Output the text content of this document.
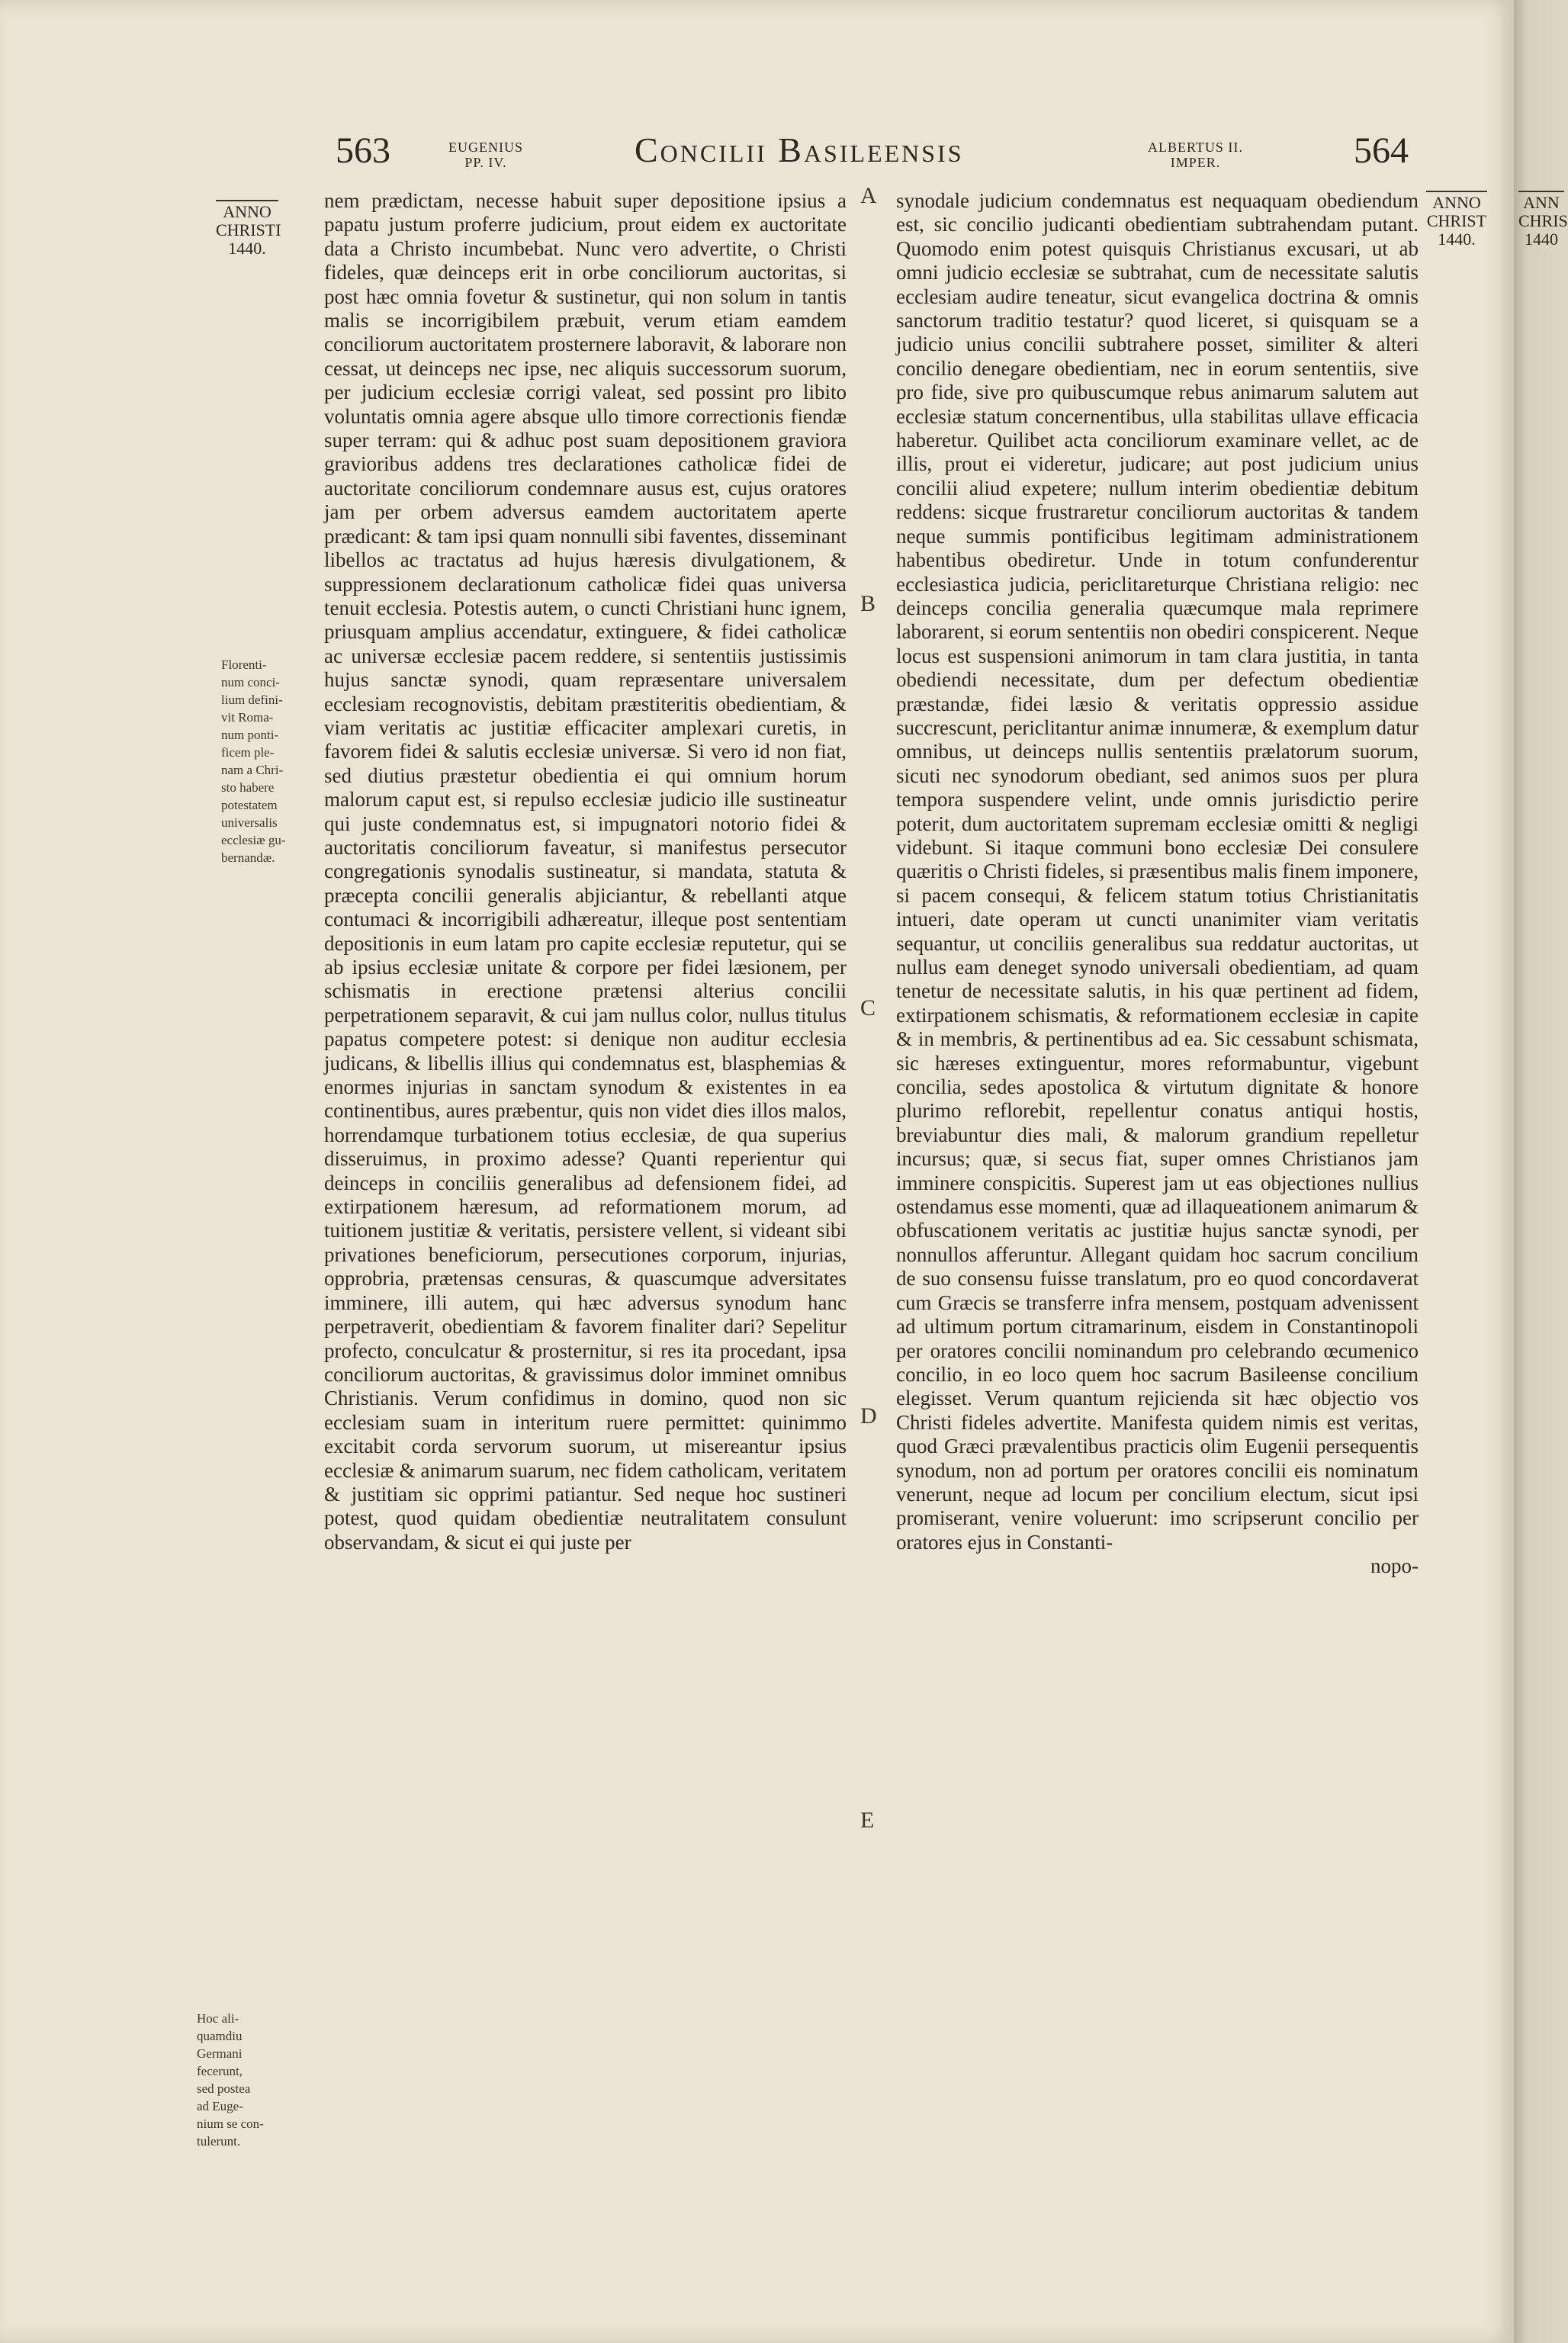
563	EUGENIUS
PP. IV.	Concilii Basileensis	ALBERTUS II.
IMPER.	564
ANNO
CHRISTI
1440.
ANNO
CHRIST
1440.
Florenti-
num conci-
lium defini-
vit Roma-
num ponti-
ficem ple-
nam a Chri-
sto habere
potestatem
universalis
ecclesiæ gu-
bernandæ.
Hoc ali-
quamdiu
Germani
fecerunt,
sed postea
ad Euge-
nium se con-
tulerunt.
A
B
C
D
E

nem prædictam, necesse habuit super depositione ipsius a papatu justum proferre judicium, prout eidem ex auctoritate data a Christo incumbebat. Nunc vero advertite, o Christi fideles, quæ deinceps erit in orbe conciliorum auctoritas, si post hæc omnia fovetur & sustinetur, qui non solum in tantis malis se incorrigibilem præbuit, verum etiam eamdem conciliorum auctoritatem prosternere laboravit, & laborare non cessat, ut deinceps nec ipse, nec aliquis successorum suorum, per judicium ecclesiæ corrigi valeat, sed possint pro libito voluntatis omnia agere absque ullo timore correctionis fiendæ super terram: qui & adhuc post suam depositionem graviora gravioribus addens tres declarationes catholicæ fidei de auctoritate conciliorum condemnare ausus est, cujus oratores jam per orbem adversus eamdem auctoritatem aperte prædicant: & tam ipsi quam nonnulli sibi faventes, disseminant libellos ac tractatus ad hujus hæresis divulgationem, & suppressionem declarationum catholicæ fidei quas universa tenuit ecclesia. Potestis autem, o cuncti Christiani hunc ignem, priusquam amplius accendatur, extinguere, & fidei catholicæ ac universæ ecclesiæ pacem reddere, si sententiis justissimis hujus sanctæ synodi, quam repræsentare universalem ecclesiam recognovistis, debitam præstiteritis obedientiam, & viam veritatis ac justitiæ efficaciter amplexari curetis, in favorem fidei & salutis ecclesiæ universæ. Si vero id non fiat, sed diutius præstetur obedientia ei qui omnium horum malorum caput est, si repulso ecclesiæ judicio ille sustineatur qui juste condemnatus est, si impugnatori notorio fidei & auctoritatis conciliorum faveatur, si manifestus persecutor congregationis synodalis sustineatur, si mandata, statuta & præcepta concilii generalis abjiciantur, & rebellanti atque contumaci & incorrigibili adhæreatur, illeque post sententiam depositionis in eum latam pro capite ecclesiæ reputetur, qui se ab ipsius ecclesiæ unitate & corpore per fidei læsionem, per schismatis in erectione prætensi alterius concilii perpetrationem separavit, & cui jam nullus color, nullus titulus papatus competere potest: si denique non auditur ecclesia judicans, & libellis illius qui condemnatus est, blasphemias & enormes injurias in sanctam synodum & existentes in ea continentibus, aures præbentur, quis non videt dies illos malos, horrendamque turbationem totius ecclesiæ, de qua superius disseruimus, in proximo adesse? Quanti reperientur qui deinceps in conciliis generalibus ad defensionem fidei, ad extirpationem hæresum, ad reformationem morum, ad tuitionem justitiæ & veritatis, persistere vellent, si videant sibi privationes beneficiorum, persecutiones corporum, injurias, opprobria, prætensas censuras, & quascumque adversitates imminere, illi autem, qui hæc adversus synodum hanc perpetraverit, obedientiam & favorem finaliter dari? Sepelitur profecto, conculcatur & prosternitur, si res ita procedant, ipsa conciliorum auctoritas, & gravissimus dolor imminet omnibus Christianis. Verum confidimus in domino, quod non sic ecclesiam suam in interitum ruere permittet: quinimmo excitabit corda servorum suorum, ut misereantur ipsius ecclesiæ & animarum suarum, nec fidem catholicam, veritatem & justitiam sic opprimi patiantur. Sed neque hoc sustineri potest, quod quidam obedientiæ neutralitatem consulunt observandam, & sicut ei qui juste per

synodale judicium condemnatus est nequaquam obediendum est, sic concilio judicanti obedientiam subtrahendam putant. Quomodo enim potest quisquis Christianus excusari, ut ab omni judicio ecclesiæ se subtrahat, cum de necessitate salutis ecclesiam audire teneatur, sicut evangelica doctrina & omnis sanctorum traditio testatur? quod liceret, si quisquam se a judicio unius concilii subtrahere posset, similiter & alteri concilio denegare obedientiam, nec in eorum sententiis, sive pro fide, sive pro quibuscumque rebus animarum salutem aut ecclesiæ statum concernentibus, ulla stabilitas ullave efficacia haberetur. Quilibet acta conciliorum examinare vellet, ac de illis, prout ei videretur, judicare; aut post judicium unius concilii aliud expetere; nullum interim obedientiæ debitum reddens: sicque frustraretur conciliorum auctoritas & tandem neque summis pontificibus legitimam administrationem habentibus obediretur. Unde in totum confunderentur ecclesiastica judicia, periclitareturque Christiana religio: nec deinceps concilia generalia quæcumque mala reprimere laborarent, si eorum sententiis non obediri conspicerent. Neque locus est suspensioni animorum in tam clara justitia, in tanta obediendi necessitate, dum per defectum obedientiæ præstandæ, fidei læsio & veritatis oppressio assidue succrescunt, periclitantur animæ innumeræ, & exemplum datur omnibus, ut deinceps nullis sententiis prælatorum suorum, sicuti nec synodorum obediant, sed animos suos per plura tempora suspendere velint, unde omnis jurisdictio perire poterit, dum auctoritatem supremam ecclesiæ omitti & negligi videbunt. Si itaque communi bono ecclesiæ Dei consulere quæritis o Christi fideles, si præsentibus malis finem imponere, si pacem consequi, & felicem statum totius Christianitatis intueri, date operam ut cuncti unanimiter viam veritatis sequantur, ut conciliis generalibus sua reddatur auctoritas, ut nullus eam deneget synodo universali obedientiam, ad quam tenetur de necessitate salutis, in his quæ pertinent ad fidem, extirpationem schismatis, & reformationem ecclesiæ in capite & in membris, & pertinentibus ad ea. Sic cessabunt schismata, sic hæreses extinguentur, mores reformabuntur, vigebunt concilia, sedes apostolica & virtutum dignitate & honore plurimo reflorebit, repellentur conatus antiqui hostis, breviabuntur dies mali, & malorum grandium repelletur incursus; quæ, si secus fiat, super omnes Christianos jam imminere conspicitis. Superest jam ut eas objectiones nullius ostendamus esse momenti, quæ ad illaqueationem animarum & obfuscationem veritatis ac justitiæ hujus sanctæ synodi, per nonnullos afferuntur. Allegant quidam hoc sacrum concilium de suo consensu fuisse translatum, pro eo quod concordaverat cum Græcis se transferre infra mensem, postquam advenissent ad ultimum portum citramarinum, eisdem in Constantinopoli per oratores concilii nominandum pro celebrando œcumenico concilio, in eo loco quem hoc sacrum Basileense concilium elegisset. Verum quantum rejicienda sit hæc objectio vos Christi fideles advertite. Manifesta quidem nimis est veritas, quod Græci prævalentibus practicis olim Eugenii persequentis synodum, non ad portum per oratores concilii eis nominatum venerunt, neque ad locum per concilium electum, sicut ipsi promiserant, venire voluerunt: imo scripserunt concilio per oratores ejus in Constanti-

nopo-
ANN
CHRIS
1440
